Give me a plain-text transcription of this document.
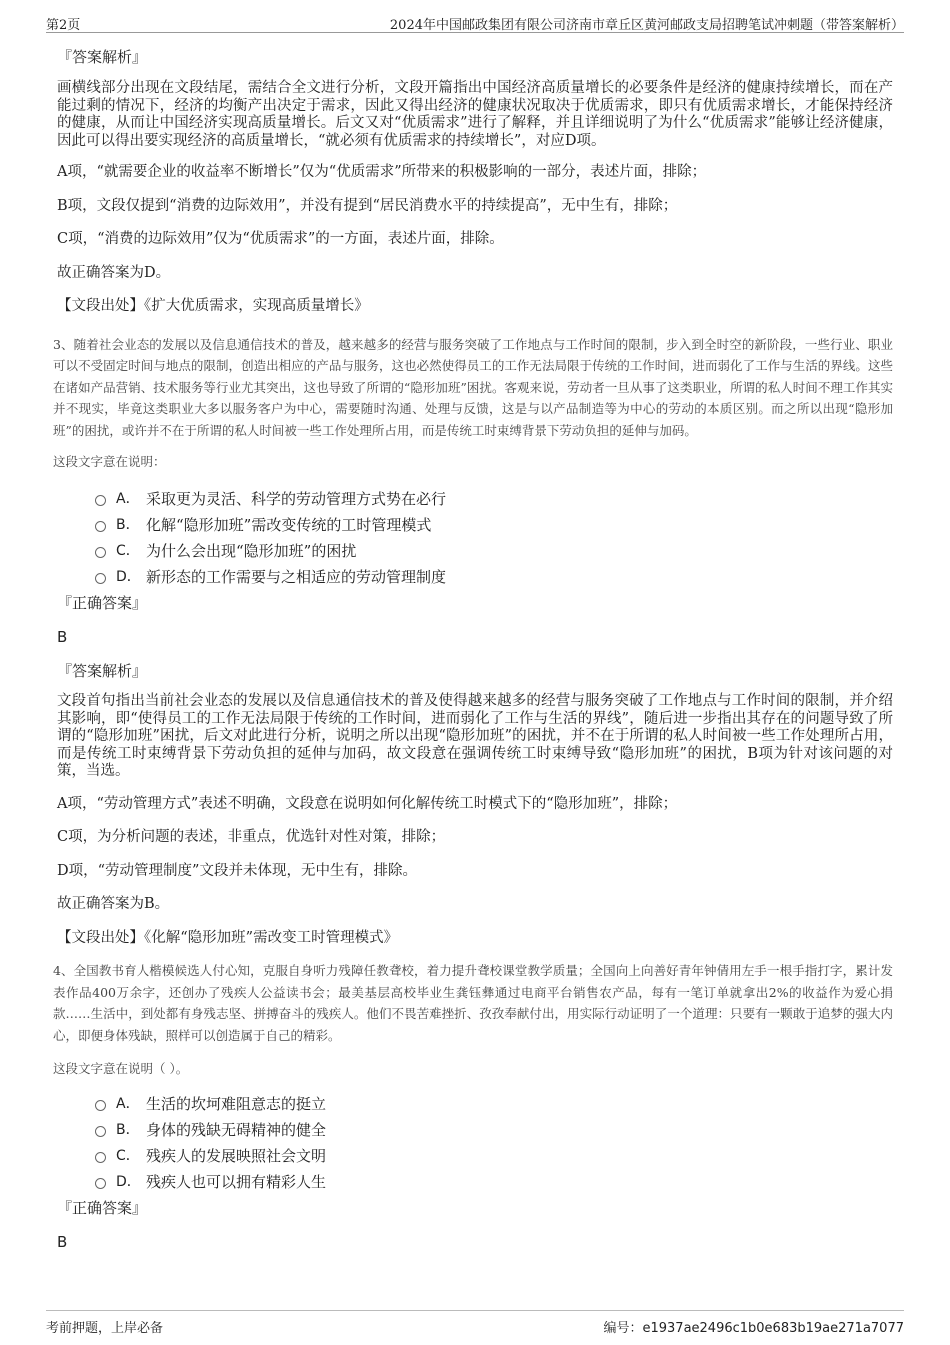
第2页	2024年中国邮政集团有限公司济南市章丘区黄河邮政支局招聘笔试冲刺题（带答案解析）

『答案解析』

画横线部分出现在文段结尾，需结合全文进行分析，文段开篇指出中国经济高质量增长的必要条件是经济的健康持续增长，而在产能过剩的情况下，经济的均衡产出决定于需求，因此又得出经济的健康状况取决于优质需求，即只有优质需求增长，才能保持经济的健康，从而让中国经济实现高质量增长。后文又对“优质需求”进行了解释，并且详细说明了为什么“优质需求”能够让经济健康，因此可以得出要实现经济的高质量增长，“就必须有优质需求的持续增长”，对应D项。

A项，“就需要企业的收益率不断增长”仅为“优质需求”所带来的积极影响的一部分，表述片面，排除；

B项，文段仅提到“消费的边际效用”，并没有提到“居民消费水平的持续提高”，无中生有，排除；

C项，“消费的边际效用”仅为“优质需求”的一方面，表述片面，排除。

故正确答案为D。

【文段出处】《扩大优质需求，实现高质量增长》

3、随着社会业态的发展以及信息通信技术的普及，越来越多的经营与服务突破了工作地点与工作时间的限制，步入到全时空的新阶段，一些行业、职业可以不受固定时间与地点的限制，创造出相应的产品与服务，这也必然使得员工的工作无法局限于传统的工作时间，进而弱化了工作与生活的界线。这些在诸如产品营销、技术服务等行业尤其突出，这也导致了所谓的“隐形加班”困扰。客观来说，劳动者一旦从事了这类职业，所谓的私人时间不理工作其实并不现实，毕竟这类职业大多以服务客户为中心，需要随时沟通、处理与反馈，这是与以产品制造等为中心的劳动的本质区别。而之所以出现“隐形加班”的困扰，或许并不在于所谓的私人时间被一些工作处理所占用，而是传统工时束缚背景下劳动负担的延伸与加码。

这段文字意在说明：

A． 采取更为灵活、科学的劳动管理方式势在必行
B． 化解“隐形加班”需改变传统的工时管理模式
C． 为什么会出现“隐形加班”的困扰
D． 新形态的工作需要与之相适应的劳动管理制度

『正确答案』

B

『答案解析』

文段首句指出当前社会业态的发展以及信息通信技术的普及使得越来越多的经营与服务突破了工作地点与工作时间的限制，并介绍其影响，即“使得员工的工作无法局限于传统的工作时间，进而弱化了工作与生活的界线”，随后进一步指出其存在的问题导致了所谓的“隐形加班”困扰，后文对此进行分析，说明之所以出现“隐形加班”的困扰，并不在于所谓的私人时间被一些工作处理所占用，而是传统工时束缚背景下劳动负担的延伸与加码，故文段意在强调传统工时束缚导致“隐形加班”的困扰，B项为针对该问题的对策，当选。

A项，“劳动管理方式”表述不明确，文段意在说明如何化解传统工时模式下的“隐形加班”，排除；

C项，为分析问题的表述，非重点，优选针对性对策，排除；

D项，“劳动管理制度”文段并未体现，无中生有，排除。

故正确答案为B。

【文段出处】《化解“隐形加班”需改变工时管理模式》

4、全国教书育人楷模候选人付心知，克服自身听力残障任教聋校，着力提升聋校课堂教学质量；全国向上向善好青年钟倩用左手一根手指打字，累计发表作品400万余字，还创办了残疾人公益读书会；最美基层高校毕业生龚钰彝通过电商平台销售农产品，每有一笔订单就拿出2%的收益作为爱心捐款……生活中，到处都有身残志坚、拼搏奋斗的残疾人。他们不畏苦难挫折、孜孜奉献付出，用实际行动证明了一个道理：只要有一颗敢于追梦的强大内心，即便身体残缺，照样可以创造属于自己的精彩。

这段文字意在说明（ ）。

A． 生活的坎坷难阻意志的挺立
B． 身体的残缺无碍精神的健全
C． 残疾人的发展映照社会文明
D． 残疾人也可以拥有精彩人生

『正确答案』

B

考前押题，上岸必备	编号：e1937ae2496c1b0e683b19ae271a7077
